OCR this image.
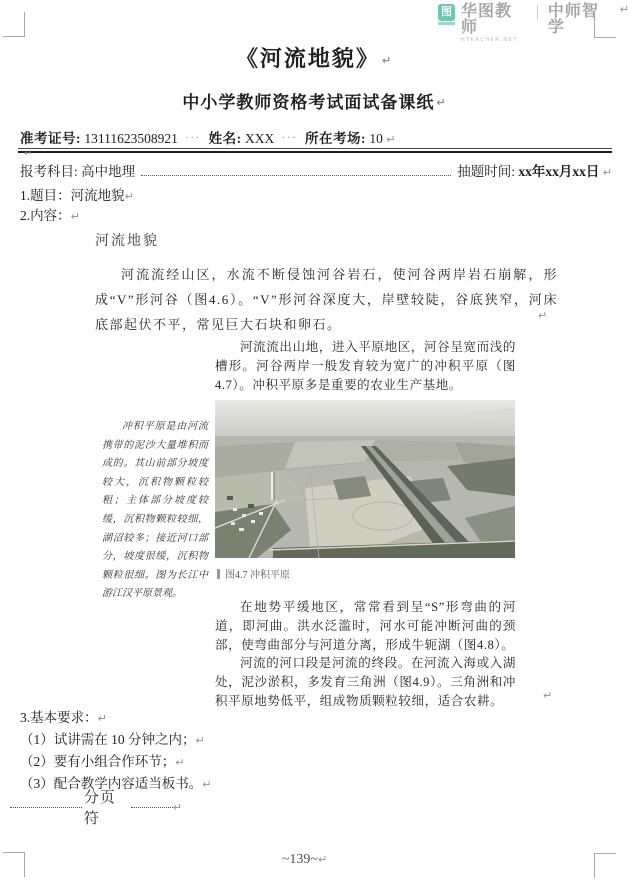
图 华图教师
HTEACHER.NET
中师智学
↵
《河流地貌》 ↵
中小学教师资格考试面试备课纸 ↵
准考证号: 13111623508921 ··· 姓名: XXX ··· 所在考场: 10 ↵
↵
报考科目: 高中地理	抽题时间: xx年xx月xx日 ↵
1.题目：河流地貌↵
2.内容：↵
河流地貌
河流流经山区，水流不断侵蚀河谷岩石，使河谷两岸岩石崩解，形成“V”形河谷（图4.6）。“V”形河谷深度大，岸壁较陡，谷底狭窄，河床底部起伏不平，常见巨大石块和卵石。
↵
河流流出山地，进入平原地区，河谷呈宽而浅的槽形。河谷两岸一般发育较为宽广的冲积平原（图4.7）。冲积平原多是重要的农业生产基地。
冲积平原是由河流携带的泥沙大量堆积而成的。其山前部分坡度较大，沉积物颗粒较粗；主体部分坡度较缓，沉积物颗粒较细，湖沼较多；接近河口部分，坡度很缓，沉积物颗粒很细。图为长江中游江汉平原景观。
图4.7 冲积平原
在地势平缓地区，常常看到呈“S”形弯曲的河道，即河曲。洪水泛滥时，河水可能冲断河曲的颈部，使弯曲部分与河道分离，形成牛轭湖（图4.8）。
河流的河口段是河流的终段。在河流入海或入湖处，泥沙淤积，多发育三角洲（图4.9）。三角洲和冲积平原地势低平，组成物质颗粒较细，适合农耕。	↵
3.基本要求：↵
（1）试讲需在 10 分钟之内；↵
（2）要有小组合作环节；↵
（3）配合教学内容适当板书。↵
分页符
↵
~139~↵
